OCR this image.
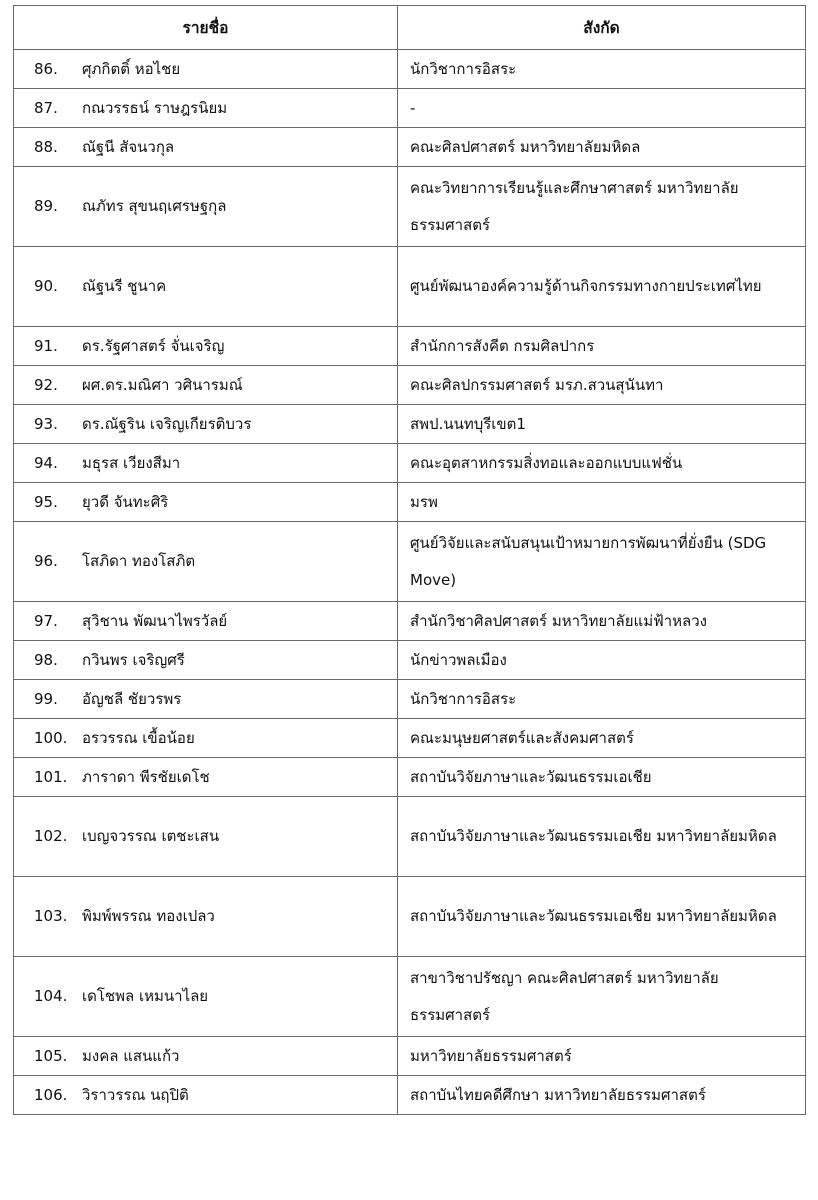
รายชื่อ	สังกัด
86. ศุภกิตติ์ หอไชย	นักวิชาการอิสระ
87. กณวรรธน์ ราษฎรนิยม	-
88. ณัฐนี สัจนวกุล	คณะศิลปศาสตร์ มหาวิทยาลัยมหิดล
89. ณภัทร สุขนฤเศรษฐกุล	คณะวิทยาการเรียนรู้และศึกษาศาสตร์ มหาวิทยาลัยธรรมศาสตร์
90. ณัฐนรี ชูนาค	ศูนย์พัฒนาองค์ความรู้ด้านกิจกรรมทางกายประเทศไทย
91. ดร.รัฐศาสตร์ จั่นเจริญ	สำนักการสังคีต กรมศิลปากร
92. ผศ.ดร.มณิศา วศินารมณ์	คณะศิลปกรรมศาสตร์ มรภ.สวนสุนันทา
93. ดร.ณัฐริน เจริญเกียรติบวร	สพป.นนทบุรีเขต1
94. มธุรส เวียงสีมา	คณะอุตสาหกรรมสิ่งทอและออกแบบแฟชั่น
95. ยุวดี จันทะศิริ	มรพ
96. โสภิดา ทองโสภิต	ศูนย์วิจัยและสนับสนุนเป้าหมายการพัฒนาที่ยั่งยืน (SDG Move)
97. สุวิชาน พัฒนาไพรวัลย์	สำนักวิชาศิลปศาสตร์ มหาวิทยาลัยแม่ฟ้าหลวง
98. กวินพร เจริญศรี	นักข่าวพลเมือง
99. อัญชลี ชัยวรพร	นักวิชาการอิสระ
100. อรวรรณ เขื้อน้อย	คณะมนุษยศาสตร์และสังคมศาสตร์
101. ภาราดา พีรชัยเดโช	สถาบันวิจัยภาษาและวัฒนธรรมเอเชีย
102. เบญจวรรณ เตชะเสน	สถาบันวิจัยภาษาและวัฒนธรรมเอเชีย มหาวิทยาลัยมหิดล
103. พิมพ์พรรณ ทองเปลว	สถาบันวิจัยภาษาและวัฒนธรรมเอเชีย มหาวิทยาลัยมหิดล
104. เดโชพล เหมนาไลย	สาขาวิชาปรัชญา คณะศิลปศาสตร์ มหาวิทยาลัยธรรมศาสตร์
105. มงคล แสนแก้ว	มหาวิทยาลัยธรรมศาสตร์
106. วิราวรรณ นฤปิติ	สถาบันไทยคดีศึกษา มหาวิทยาลัยธรรมศาสตร์
